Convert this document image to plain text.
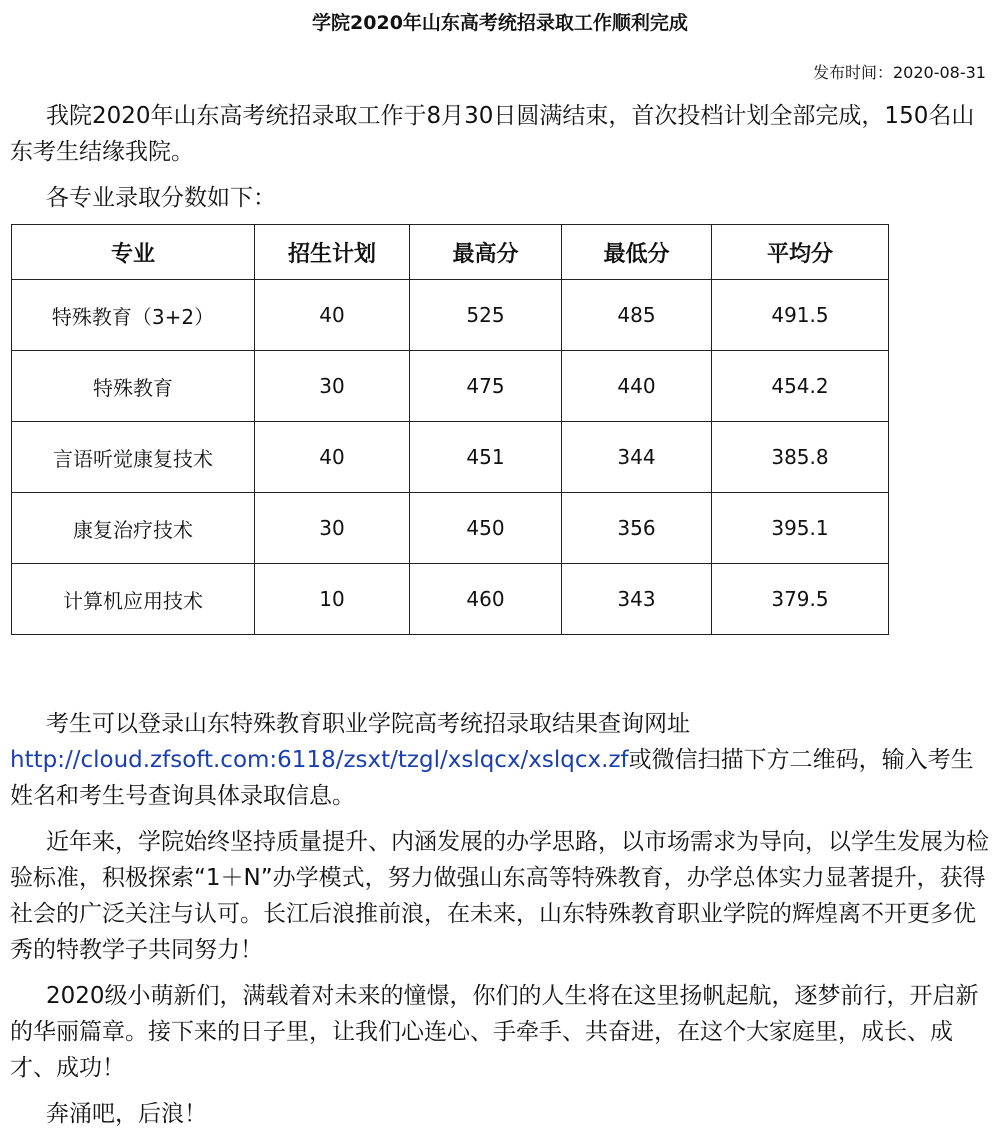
学院2020年山东高考统招录取工作顺利完成
发布时间：2020-08-31

我院2020年山东高考统招录取工作于8月30日圆满结束，首次投档计划全部完成，150名山东考生结缘我院。

各专业录取分数如下：

专业	招生计划	最高分	最低分	平均分
特殊教育（3+2）	40	525	485	491.5
特殊教育	30	475	440	454.2
言语听觉康复技术	40	451	344	385.8
康复治疗技术	30	450	356	395.1
计算机应用技术	10	460	343	379.5

考生可以登录山东特殊教育职业学院高考统招录取结果查询网址http://cloud.zfsoft.com:6118/zsxt/tzgl/xslqcx/xslqcx.zf或微信扫描下方二维码，输入考生姓名和考生号查询具体录取信息。

近年来，学院始终坚持质量提升、内涵发展的办学思路，以市场需求为导向，以学生发展为检验标准，积极探索“1＋N”办学模式，努力做强山东高等特殊教育，办学总体实力显著提升，获得社会的广泛关注与认可。长江后浪推前浪，在未来，山东特殊教育职业学院的辉煌离不开更多优秀的特教学子共同努力！

2020级小萌新们，满载着对未来的憧憬，你们的人生将在这里扬帆起航，逐梦前行，开启新的华丽篇章。接下来的日子里，让我们心连心、手牵手、共奋进，在这个大家庭里，成长、成才、成功！

奔涌吧，后浪！
